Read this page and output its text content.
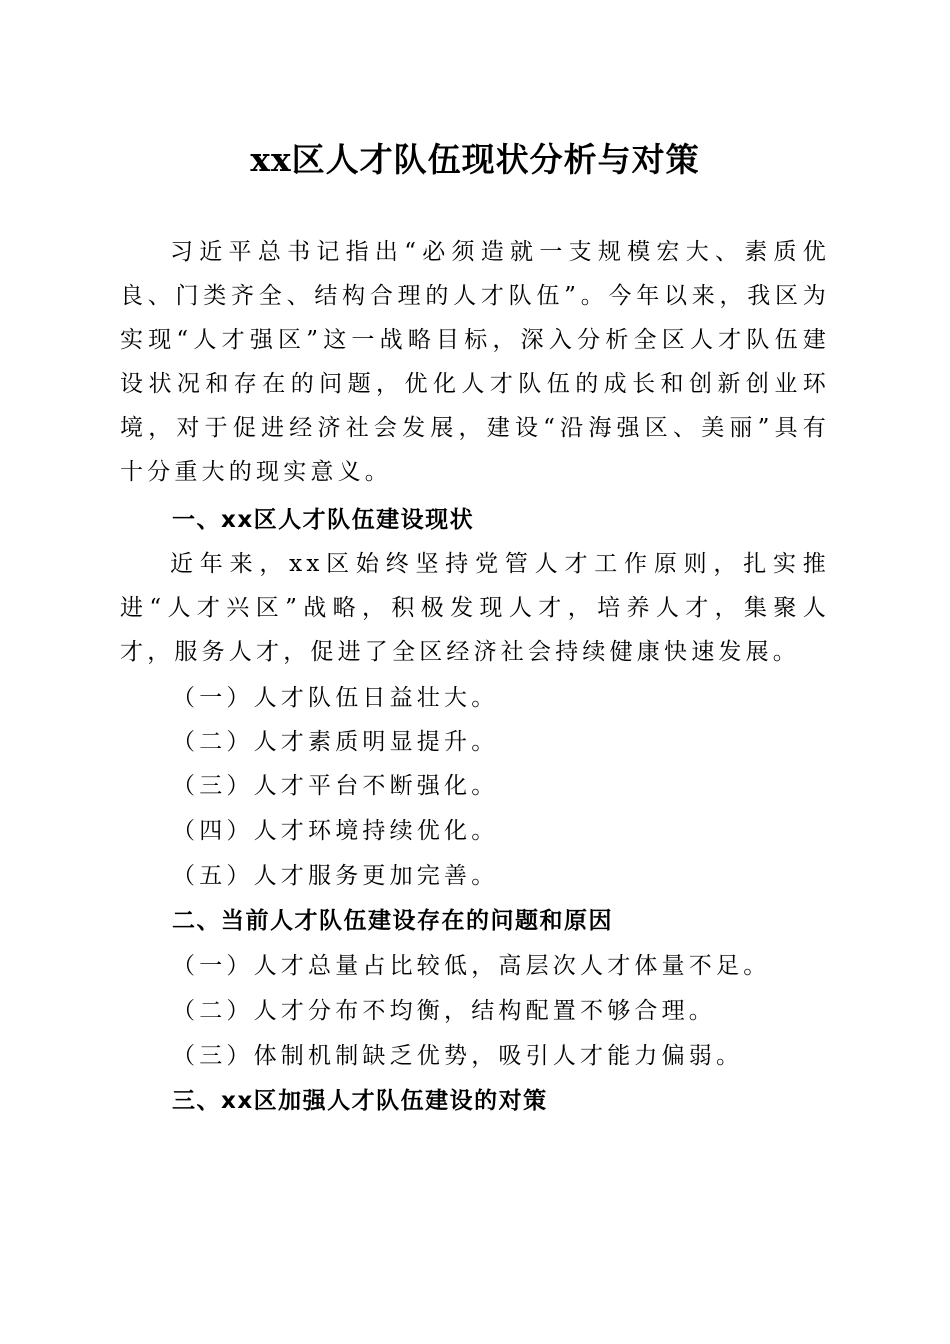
xx区人才队伍现状分析与对策

习近平总书记指出“必须造就一支规模宏大、素质优良、门类齐全、结构合理的人才队伍”。今年以来，我区为实现“人才强区”这一战略目标，深入分析全区人才队伍建设状况和存在的问题，优化人才队伍的成长和创新创业环境，对于促进经济社会发展，建设“沿海强区、美丽”具有十分重大的现实意义。

一、xx区人才队伍建设现状

近年来，xx区始终坚持党管人才工作原则，扎实推进“人才兴区”战略，积极发现人才，培养人才，集聚人才，服务人才，促进了全区经济社会持续健康快速发展。

（一）人才队伍日益壮大。

（二）人才素质明显提升。

（三）人才平台不断强化。

（四）人才环境持续优化。

（五）人才服务更加完善。

二、当前人才队伍建设存在的问题和原因

（一）人才总量占比较低，高层次人才体量不足。

（二）人才分布不均衡，结构配置不够合理。

（三）体制机制缺乏优势，吸引人才能力偏弱。

三、xx区加强人才队伍建设的对策
